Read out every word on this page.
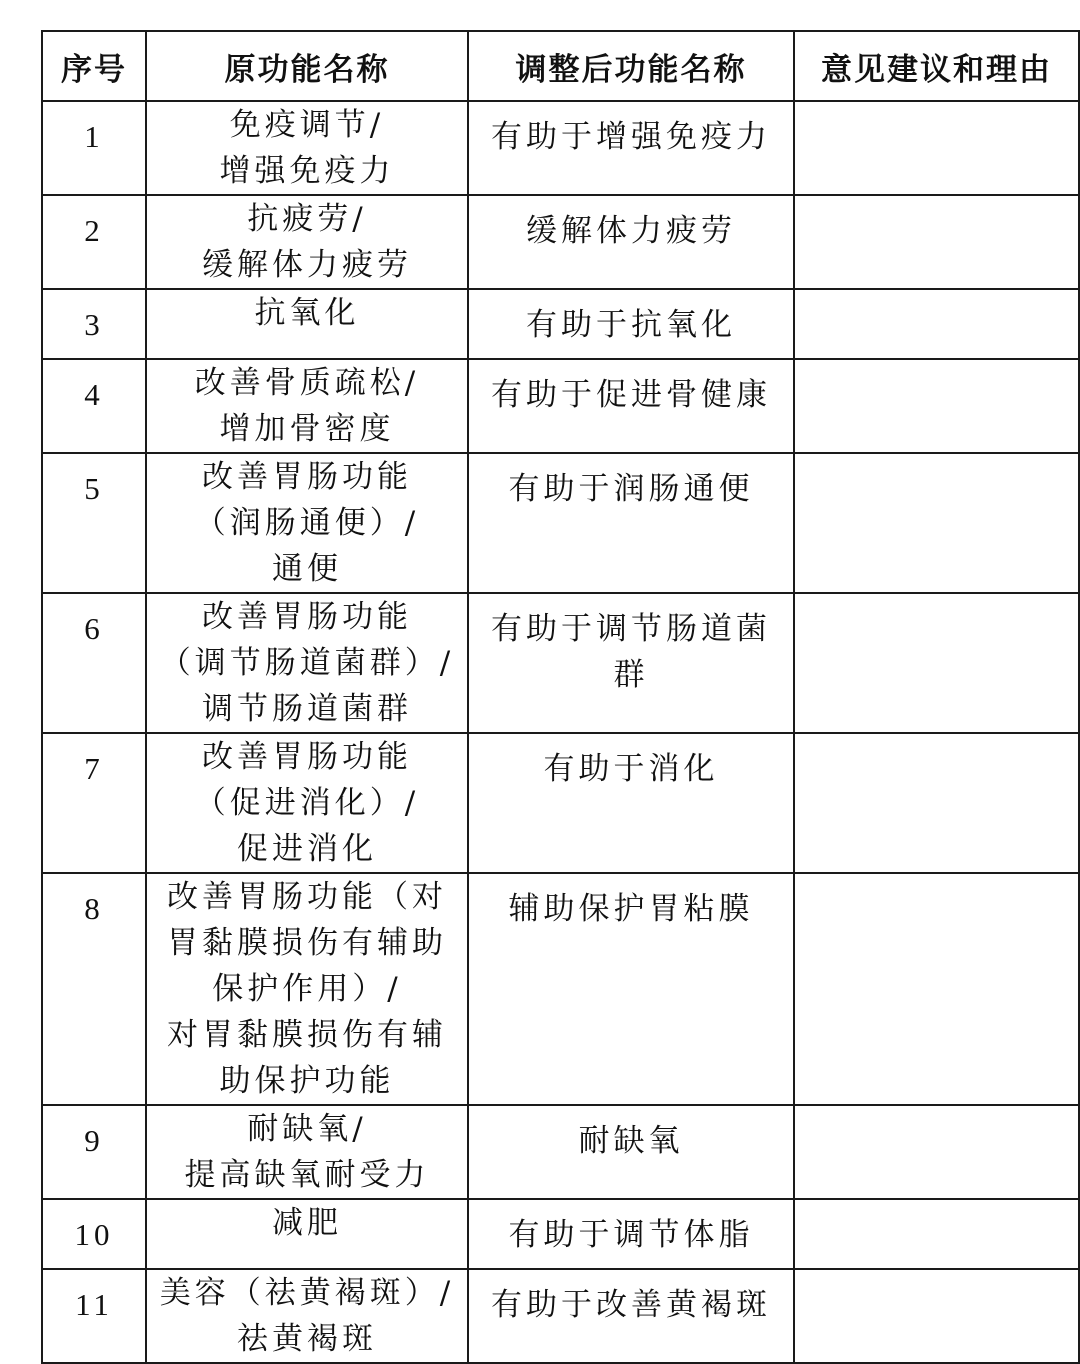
序号	原功能名称	调整后功能名称	意见建议和理由
1	免疫调节/
增强免疫力	有助于增强免疫力	

2	抗疲劳/
缓解体力疲劳	缓解体力疲劳	

3	抗氧化	有助于抗氧化	

4	改善骨质疏松/
增加骨密度	有助于促进骨健康	

5	改善胃肠功能
（润肠通便）/
通便	有助于润肠通便	

6	改善胃肠功能
（调节肠道菌群）/
调节肠道菌群	有助于调节肠道菌
群	

7	改善胃肠功能
（促进消化）/
促进消化	有助于消化	

8	改善胃肠功能（对
胃黏膜损伤有辅助
保护作用）/
对胃黏膜损伤有辅
助保护功能	辅助保护胃粘膜	

9	耐缺氧/
提高缺氧耐受力	耐缺氧	

10	减肥	有助于调节体脂	

11	美容（祛黄褐斑）/
祛黄褐斑	有助于改善黄褐斑	
